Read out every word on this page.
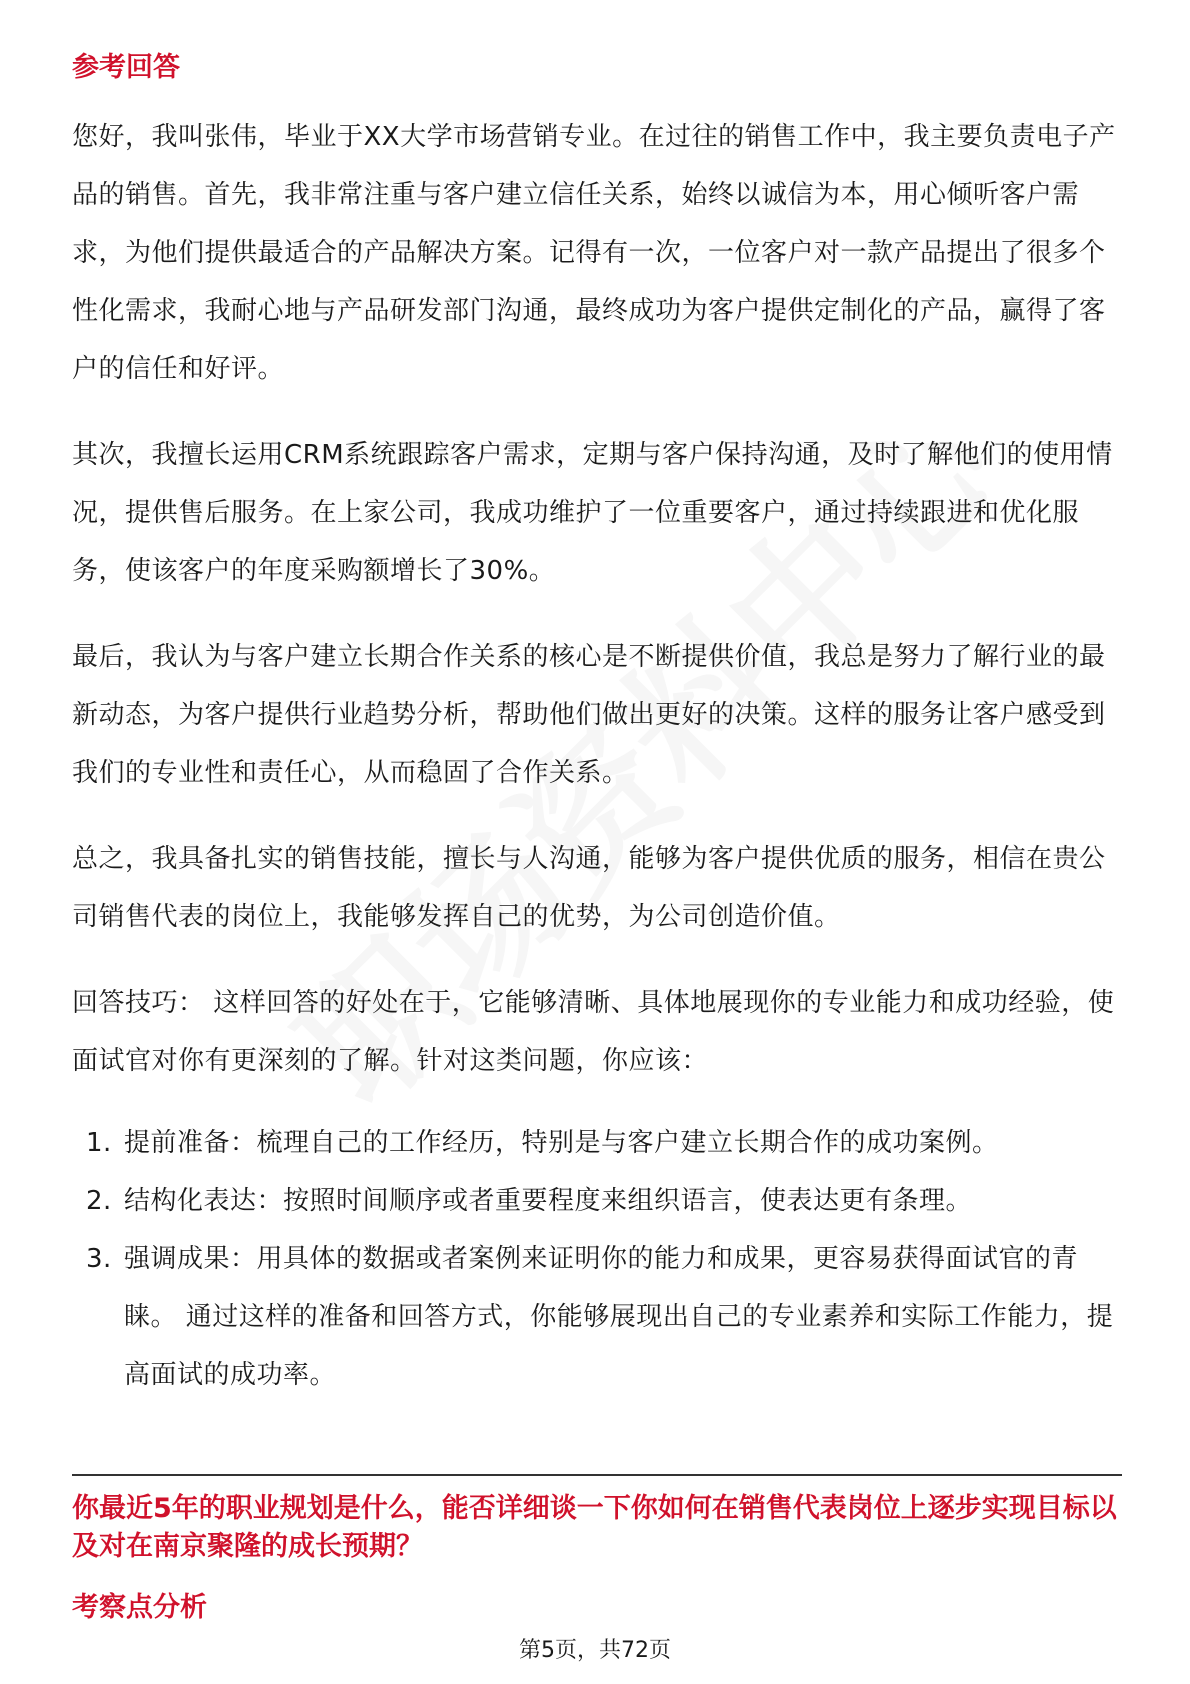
参考回答

您好，我叫张伟，毕业于XX大学市场营销专业。在过往的销售工作中，我主要负责电子产品的销售。首先，我非常注重与客户建立信任关系，始终以诚信为本，用心倾听客户需求，为他们提供最适合的产品解决方案。记得有一次，一位客户对一款产品提出了很多个性化需求，我耐心地与产品研发部门沟通，最终成功为客户提供定制化的产品，赢得了客户的信任和好评。

其次，我擅长运用CRM系统跟踪客户需求，定期与客户保持沟通，及时了解他们的使用情况，提供售后服务。在上家公司，我成功维护了一位重要客户，通过持续跟进和优化服务，使该客户的年度采购额增长了30%。

最后，我认为与客户建立长期合作关系的核心是不断提供价值，我总是努力了解行业的最新动态，为客户提供行业趋势分析，帮助他们做出更好的决策。这样的服务让客户感受到我们的专业性和责任心，从而稳固了合作关系。

总之，我具备扎实的销售技能，擅长与人沟通，能够为客户提供优质的服务，相信在贵公司销售代表的岗位上，我能够发挥自己的优势，为公司创造价值。

回答技巧： 这样回答的好处在于，它能够清晰、具体地展现你的专业能力和成功经验，使面试官对你有更深刻的了解。针对这类问题，你应该：

1. 提前准备：梳理自己的工作经历，特别是与客户建立长期合作的成功案例。
2. 结构化表达：按照时间顺序或者重要程度来组织语言，使表达更有条理。
3. 强调成果：用具体的数据或者案例来证明你的能力和成果，更容易获得面试官的青睐。 通过这样的准备和回答方式，你能够展现出自己的专业素养和实际工作能力，提高面试的成功率。
你最近5年的职业规划是什么，能否详细谈一下你如何在销售代表岗位上逐步实现目标以及对在南京聚隆的成长预期？
考察点分析
第5页，共72页
